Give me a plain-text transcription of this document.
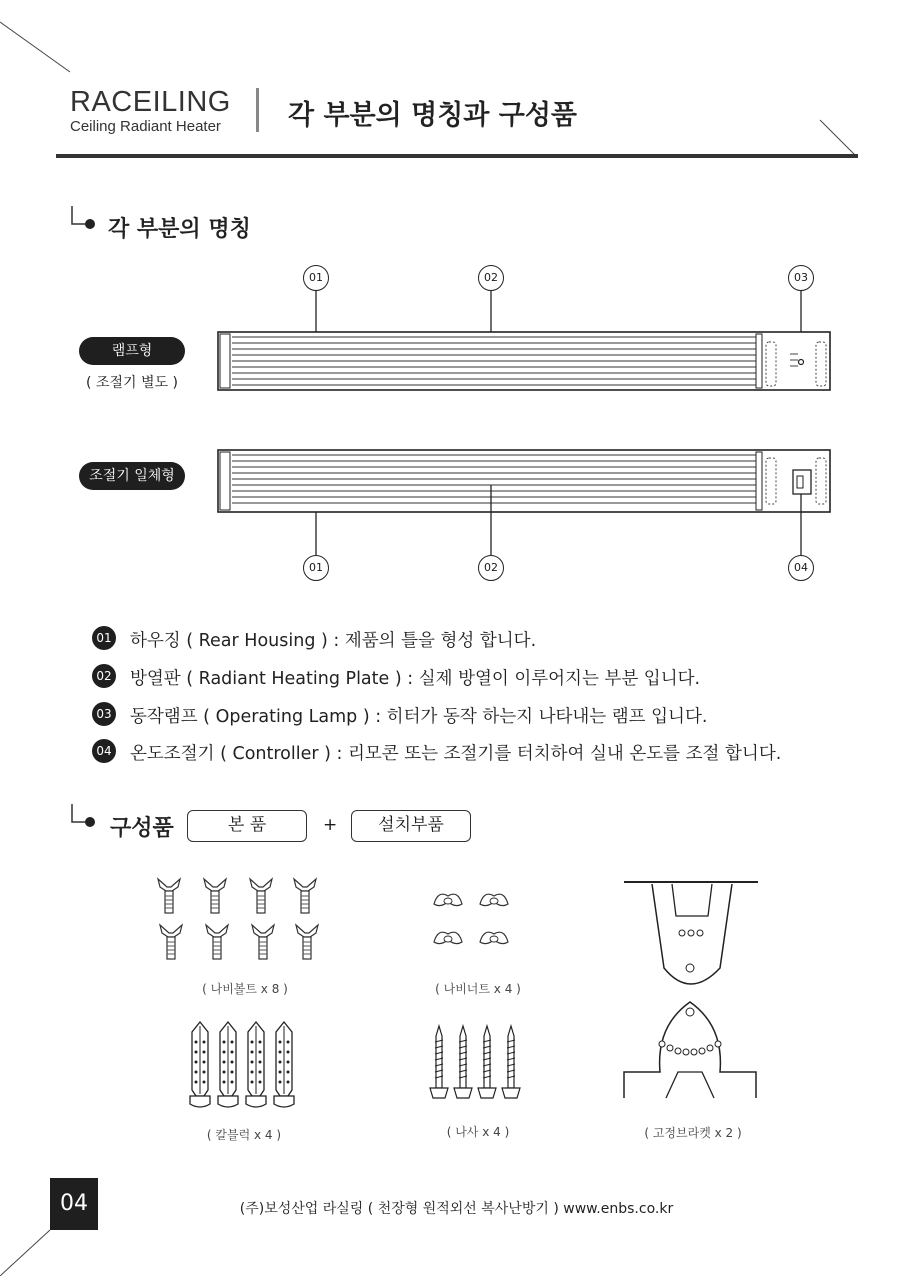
RACEILING
Ceiling Radiant Heater 각 부분의 명칭과 구성품
각 부분의 명칭
01	02	03
램프형
( 조절기 별도 )
조절기 일체형
01	02	04
01 하우징 ( Rear Housing ) : 제품의 틀을 형성 합니다.
02 방열판 ( Radiant Heating Plate ) : 실제 방열이 이루어지는 부분 입니다.
03 동작램프 ( Operating Lamp ) : 히터가 동작 하는지 나타내는 램프 입니다.
04 온도조절기 ( Controller ) : 리모콘 또는 조절기를 터치하여 실내 온도를 조절 합니다.
구성품	본 품	+	설치부품
( 나비볼트 x 8 )	( 나비너트 x 4 )
( 칼블럭 x 4 )	( 나사 x 4 )	( 고정브라켓 x 2 )
04	(주)보성산업 라실링 ( 천장형 원적외선 복사난방기 ) www.enbs.co.kr
